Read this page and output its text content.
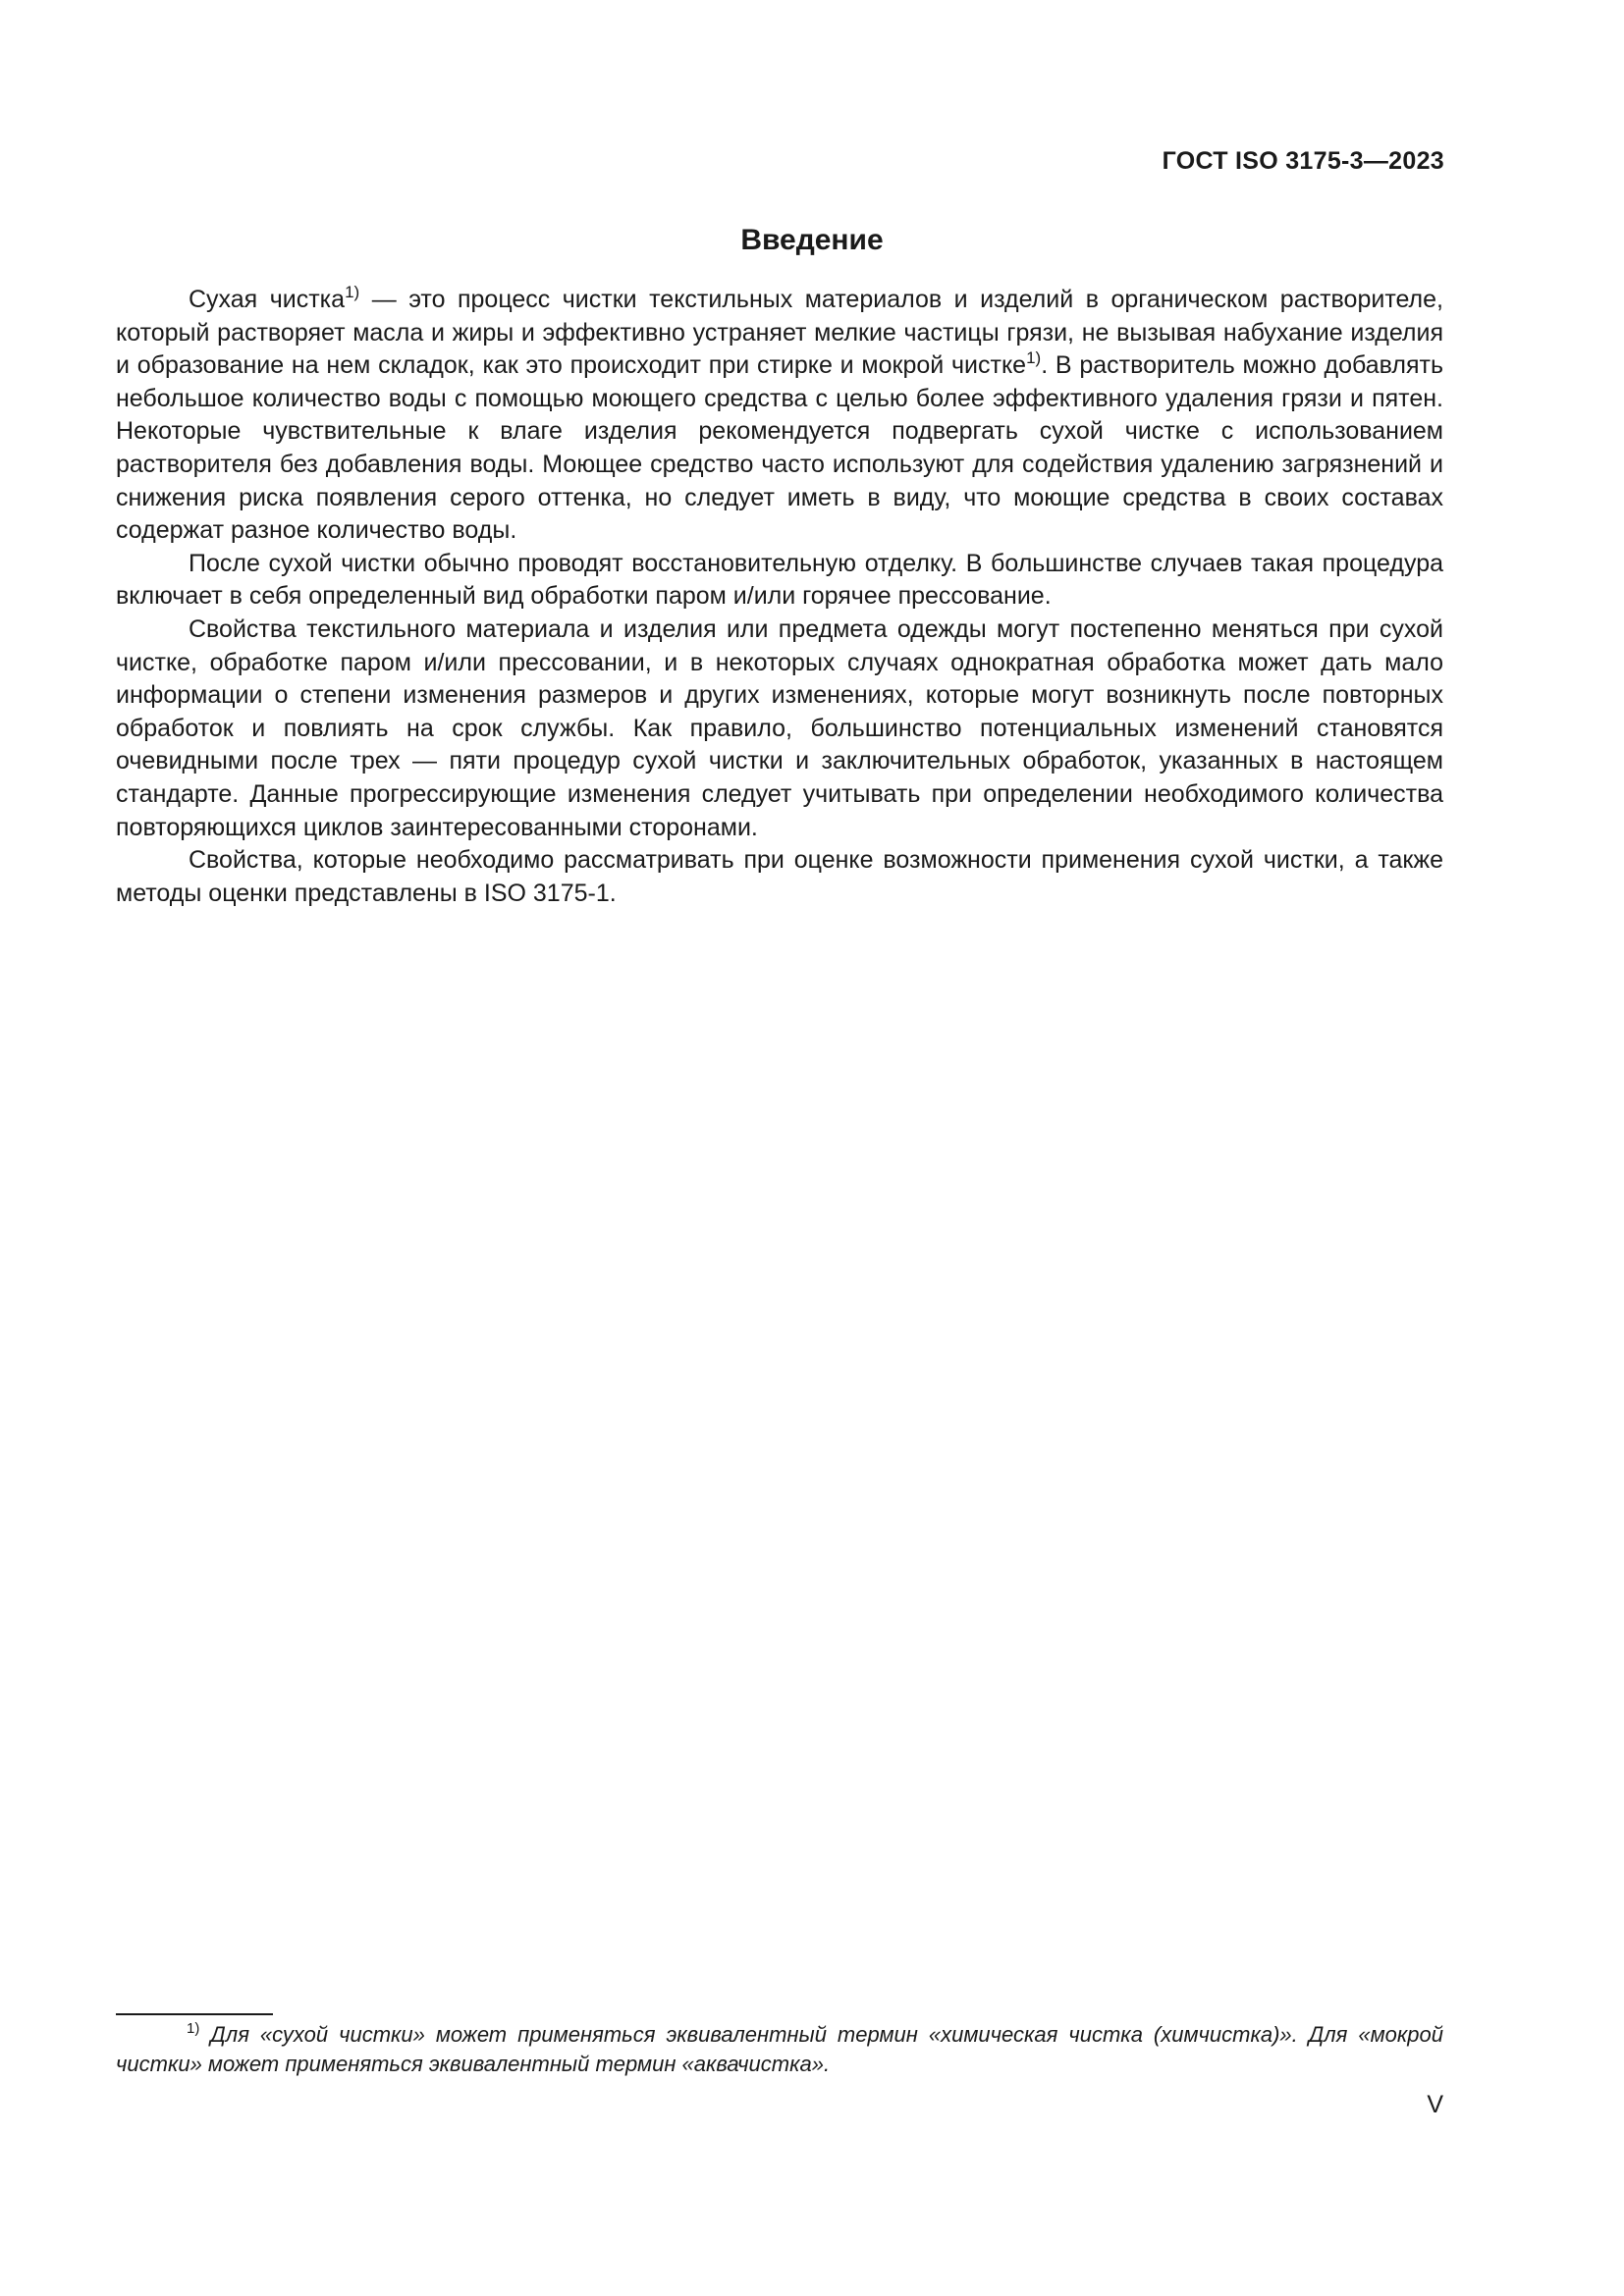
ГОСТ ISO 3175-3—2023
Введение

Сухая чистка$^{1)}$ — это процесс чистки текстильных материалов и изделий в органическом растворителе, который растворяет масла и жиры и эффективно устраняет мелкие частицы грязи, не вызывая набухание изделия и образование на нем складок, как это происходит при стирке и мокрой чистке$^{1)}$. В растворитель можно добавлять небольшое количество воды с помощью моющего средства с целью более эффективного удаления грязи и пятен. Некоторые чувствительные к влаге изделия рекомендуется подвергать сухой чистке с использованием растворителя без добавления воды. Моющее средство часто используют для содействия удалению загрязнений и снижения риска появления серого оттенка, но следует иметь в виду, что моющие средства в своих составах содержат разное количество воды.

После сухой чистки обычно проводят восстановительную отделку. В большинстве случаев такая процедура включает в себя определенный вид обработки паром и/или горячее прессование.

Свойства текстильного материала и изделия или предмета одежды могут постепенно меняться при сухой чистке, обработке паром и/или прессовании, и в некоторых случаях однократная обработка может дать мало информации о степени изменения размеров и других изменениях, которые могут возникнуть после повторных обработок и повлиять на срок службы. Как правило, большинство потенциальных изменений становятся очевидными после трех — пяти процедур сухой чистки и заключительных обработок, указанных в настоящем стандарте. Данные прогрессирующие изменения следует учитывать при определении необходимого количества повторяющихся циклов заинтересованными сторонами.

Свойства, которые необходимо рассматривать при оценке возможности применения сухой чистки, а также методы оценки представлены в ISO 3175-1.

$^{1)}$ Для «сухой чистки» может применяться эквивалентный термин «химическая чистка (химчистка)». Для «мокрой чистки» может применяться эквивалентный термин «аквачистка».

V
